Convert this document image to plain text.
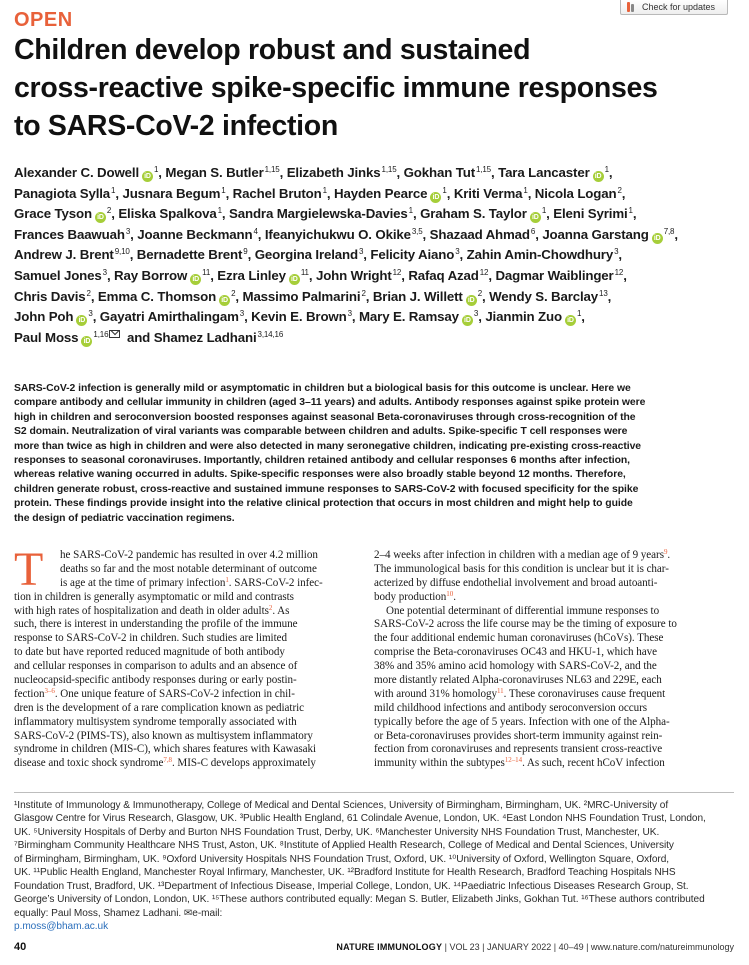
OPEN
Check for updates
Children develop robust and sustained
cross-reactive spike-specific immune responses
to SARS-CoV-2 infection
Alexander C. Dowell $iD^1$, Megan S. Butler$^{1,15}$, Elizabeth Jinks$^{1,15}$, Gokhan Tut$^{1,15}$, Tara Lancaster $iD^1$,
Panagiota Sylla$^1$, Jusnara Begum$^1$, Rachel Bruton$^1$, Hayden Pearce $iD^1$, Kriti Verma$^1$, Nicola Logan$^2$,
Grace Tyson $iD^2$, Eliska Spalkova$^1$, Sandra Margielewska-Davies$^1$, Graham S. Taylor $iD^1$, Eleni Syrimi$^1$,
Frances Baawuah$^3$, Joanne Beckmann$^4$, Ifeanyichukwu O. Okike$^{3,5}$, Shazaad Ahmad$^6$, Joanna Garstang iD$^{7,8}$,
Andrew J. Brent$^{9,10}$, Bernadette Brent$^9$, Georgina Ireland$^3$, Felicity Aiano$^3$, Zahin Amin-Chowdhury$^3$,
Samuel Jones$^3$, Ray Borrow $iD^{11}$, Ezra Linley $iD^{11}$, John Wright$^{12}$, Rafaq Azad$^{12}$, Dagmar Waiblinger$^{12}$,
Chris Davis$^2$, Emma C. Thomson $iD^2$, Massimo Palmarini$^2$, Brian J. Willett $iD^2$, Wendy S. Barclay$^{13}$,
John Poh $iD^3$, Gayatri Amirthalingam$^3$, Kevin E. Brown$^3$, Mary E. Ramsay $iD^3$, Jianmin Zuo $iD^1$,
Paul Moss iD$^{1,16}$ and Shamez Ladhani$^{3,14,16}$
SARS-CoV-2 infection is generally mild or asymptomatic in children but a biological basis for this outcome is unclear. Here we
compare antibody and cellular immunity in children (aged 3–11 years) and adults. Antibody responses against spike protein were
high in children and seroconversion boosted responses against seasonal Beta-coronaviruses through cross-recognition of the
S2 domain. Neutralization of viral variants was comparable between children and adults. Spike-specific T cell responses were
more than twice as high in children and were also detected in many seronegative children, indicating pre-existing cross-reactive
responses to seasonal coronaviruses. Importantly, children retained antibody and cellular responses 6 months after infection,
whereas relative waning occurred in adults. Spike-specific responses were also broadly stable beyond 12 months. Therefore,
children generate robust, cross-reactive and sustained immune responses to SARS-CoV-2 with focused specificity for the spike
protein. These findings provide insight into the relative clinical protection that occurs in most children and might help to guide
the design of pediatric vaccination regimens.
T	he SARS-CoV-2 pandemic has resulted in over 4.2 million
deaths so far and the most notable determinant of outcome
is age at the time of primary infection$^1$. SARS-CoV-2 infec-
tion in children is generally asymptomatic or mild and contrasts
with high rates of hospitalization and death in older adults$^2$. As
such, there is interest in understanding the profile of the immune
response to SARS-CoV-2 in children. Such studies are limited
to date but have reported reduced magnitude of both antibody
and cellular responses in comparison to adults and an absence of
nucleocapsid-specific antibody responses during or early postin-
fection$^{3-6}$. One unique feature of SARS-CoV-2 infection in chil-
dren is the development of a rare complication known as pediatric
inflammatory multisystem syndrome temporally associated with
SARS-CoV-2 (PIMS-TS), also known as multisystem inflammatory
syndrome in children (MIS-C), which shares features with Kawasaki
disease and toxic shock syndrome$^{7,8}$. MIS-C develops approximately
2–4 weeks after infection in children with a median age of 9 years$^9$.
The immunological basis for this condition is unclear but it is char-
acterized by diffuse endothelial involvement and broad autoanti-
body production$^{10}$.
One potential determinant of differential immune responses to
SARS-CoV-2 across the life course may be the timing of exposure to
the four additional endemic human coronaviruses (hCoVs). These
comprise the Beta-coronaviruses OC43 and HKU-1, which have
38% and 35% amino acid homology with SARS-CoV-2, and the
more distantly related Alpha-coronaviruses NL63 and 229E, each
with around 31% homology$^{11}$. These coronaviruses cause frequent
mild childhood infections and antibody seroconversion occurs
typically before the age of 5 years. Infection with one of the Alpha-
or Beta-coronaviruses provides short-term immunity against rein-
fection from coronaviruses and represents transient cross-reactive
immunity within the subtypes$^{12-14}$. As such, recent hCoV infection
¹Institute of Immunology & Immunotherapy, College of Medical and Dental Sciences, University of Birmingham, Birmingham, UK. ²MRC-University of
Glasgow Centre for Virus Research, Glasgow, UK. ³Public Health England, 61 Colindale Avenue, London, UK. ⁴East London NHS Foundation Trust, London,
UK. ⁵University Hospitals of Derby and Burton NHS Foundation Trust, Derby, UK. ⁶Manchester University NHS Foundation Trust, Manchester, UK.
⁷Birmingham Community Healthcare NHS Trust, Aston, UK. ⁸Institute of Applied Health Research, College of Medical and Dental Sciences, University
of Birmingham, Birmingham, UK. ⁹Oxford University Hospitals NHS Foundation Trust, Oxford, UK. ¹⁰University of Oxford, Wellington Square, Oxford,
UK. ¹¹Public Health England, Manchester Royal Infirmary, Manchester, UK. ¹²Bradford Institute for Health Research, Bradford Teaching Hospitals NHS
Foundation Trust, Bradford, UK. ¹³Department of Infectious Disease, Imperial College, London, UK. ¹⁴Paediatric Infectious Diseases Research Group, St.
George’s University of London, London, UK. ¹⁵These authors contributed equally: Megan S. Butler, Elizabeth Jinks, Gokhan Tut. ¹⁶These authors contributed
equally: Paul Moss, Shamez Ladhani. ✉e-mail:
p.moss@bham.ac.uk
40	NATURE IMMUNOLOGY | VOL 23 | JANUARY 2022 | 40–49 | www.nature.com/natureimmunology
